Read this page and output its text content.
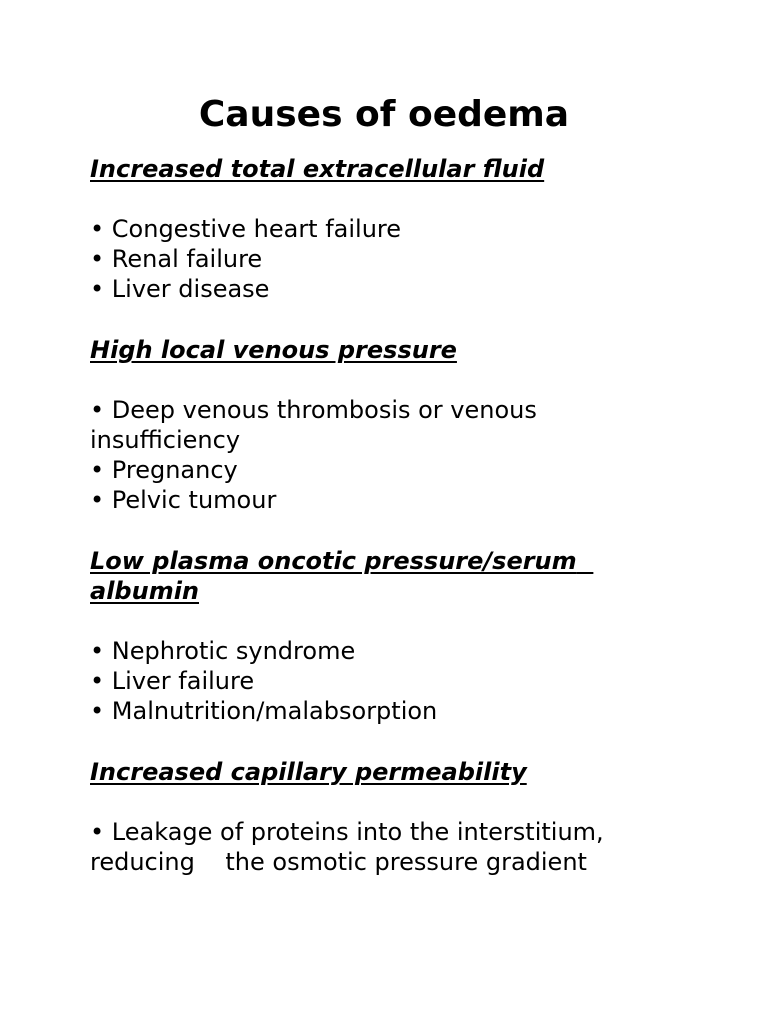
Causes of oedema

Increased total extracellular fluid

• Congestive heart failure
• Renal failure
• Liver disease

High local venous pressure

• Deep venous thrombosis or venous insufficiency
• Pregnancy
• Pelvic tumour

Low plasma oncotic pressure/serum  albumin

• Nephrotic syndrome
• Liver failure
• Malnutrition/malabsorption

Increased capillary permeability

• Leakage of proteins into the interstitium, reducing    the osmotic pressure gradient
